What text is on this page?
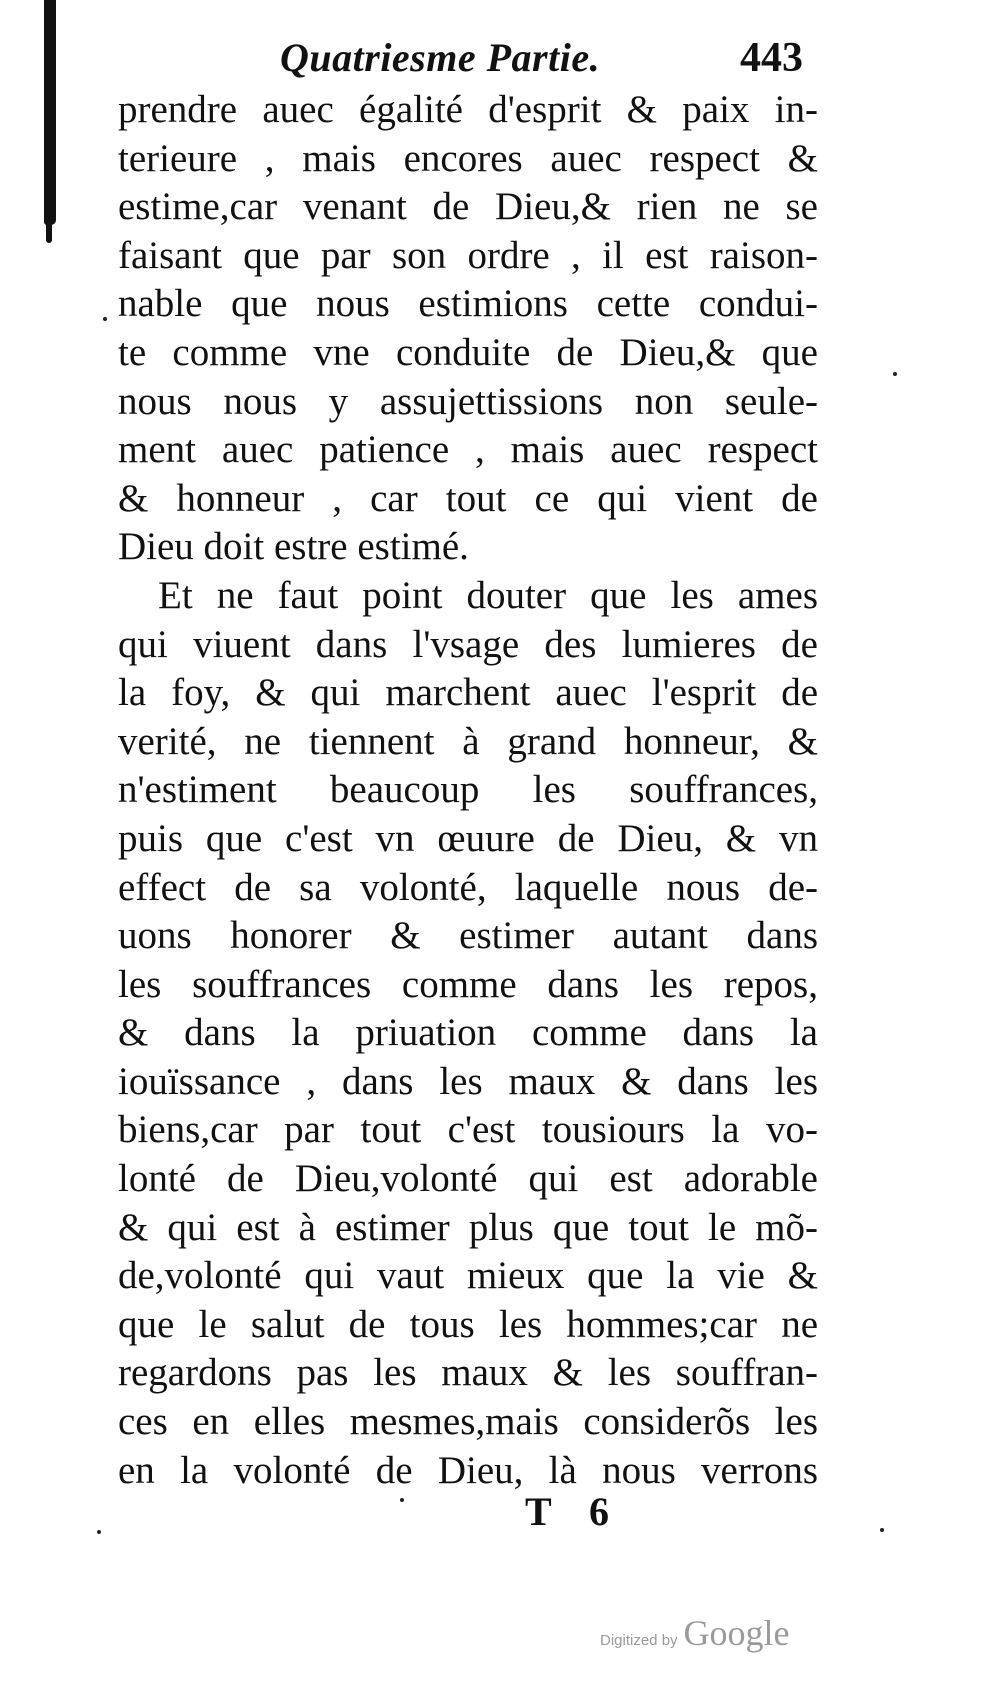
Quatriesme Partie.	443
prendre auec égalité d'esprit & paix in-
terieure , mais encores auec respect &
estime,car venant de Dieu,& rien ne se
faisant que par son ordre , il est raison-
nable que nous estimions cette condui-
te comme vne conduite de Dieu,& que
nous nous y assujettissions non seule-
ment auec patience , mais auec respect
& honneur , car tout ce qui vient de
Dieu doit estre estimé.
Et ne faut point douter que les ames
qui viuent dans l'vsage des lumieres de
la foy, & qui marchent auec l'esprit de
verité, ne tiennent à grand honneur, &
n'estiment beaucoup les souffrances,
puis que c'est vn œuure de Dieu, & vn
effect de sa volonté, laquelle nous de-
uons honorer & estimer autant dans
les souffrances comme dans les repos,
& dans la priuation comme dans la
iouïssance , dans les maux & dans les
biens,car par tout c'est tousiours la vo-
lonté de Dieu,volonté qui est adorable
& qui est à estimer plus que tout le mõ-
de,volonté qui vaut mieux que la vie &
que le salut de tous les hommes;car ne
regardons pas les maux & les souffran-
ces en elles mesmes,mais considerõs les
en la volonté de Dieu, là nous verrons
T 6
Digitized by Google
